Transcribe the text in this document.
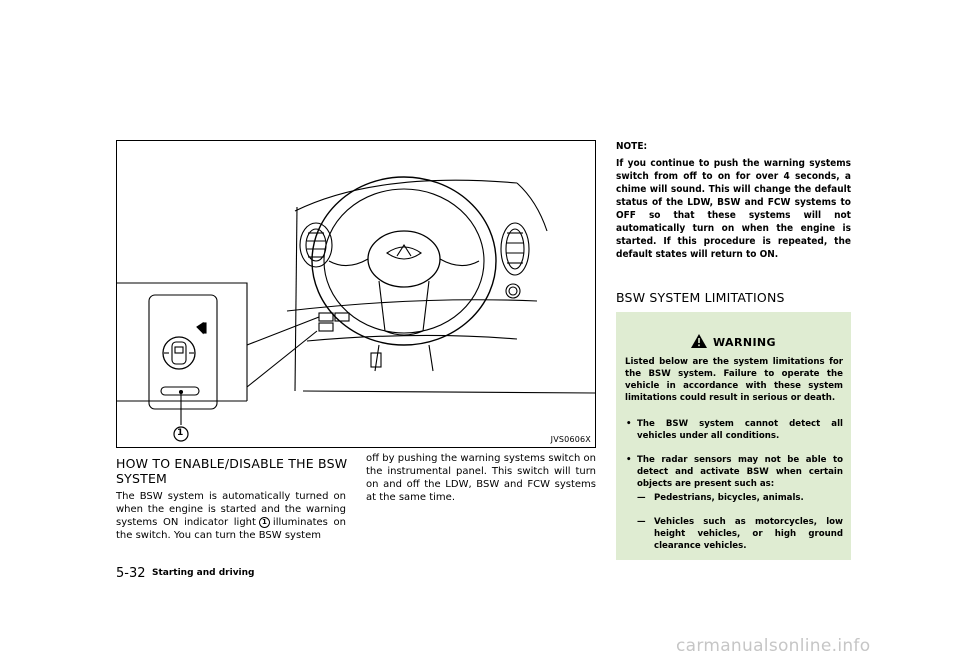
1
JVS0606X
HOW TO ENABLE/DISABLE THE BSW
SYSTEM

The BSW system is automatically turned on when the engine is started and the warning systems ON indicator light 1 illuminates on the switch. You can turn the BSW system

off by pushing the warning systems switch on the instrumental panel. This switch will turn on and off the LDW, BSW and FCW systems at the same time.

NOTE:

If you continue to push the warning systems switch from off to on for over 4 seconds, a chime will sound. This will change the default status of the LDW, BSW and FCW systems to OFF so that these systems will not automatically turn on when the engine is started. If this procedure is repeated, the default states will return to ON.

BSW SYSTEM LIMITATIONS
WARNING

Listed below are the system limitations for the BSW system. Failure to operate the vehicle in accordance with these system limitations could result in serious or death.

• The BSW system cannot detect all vehicles under all conditions.

• The radar sensors may not be able to detect and activate BSW when certain objects are present such as:

— Pedestrians, bicycles, animals.

— Vehicles such as motorcycles, low height vehicles, or high ground clearance vehicles.

5-32 Starting and driving
carmanualsonline.info
